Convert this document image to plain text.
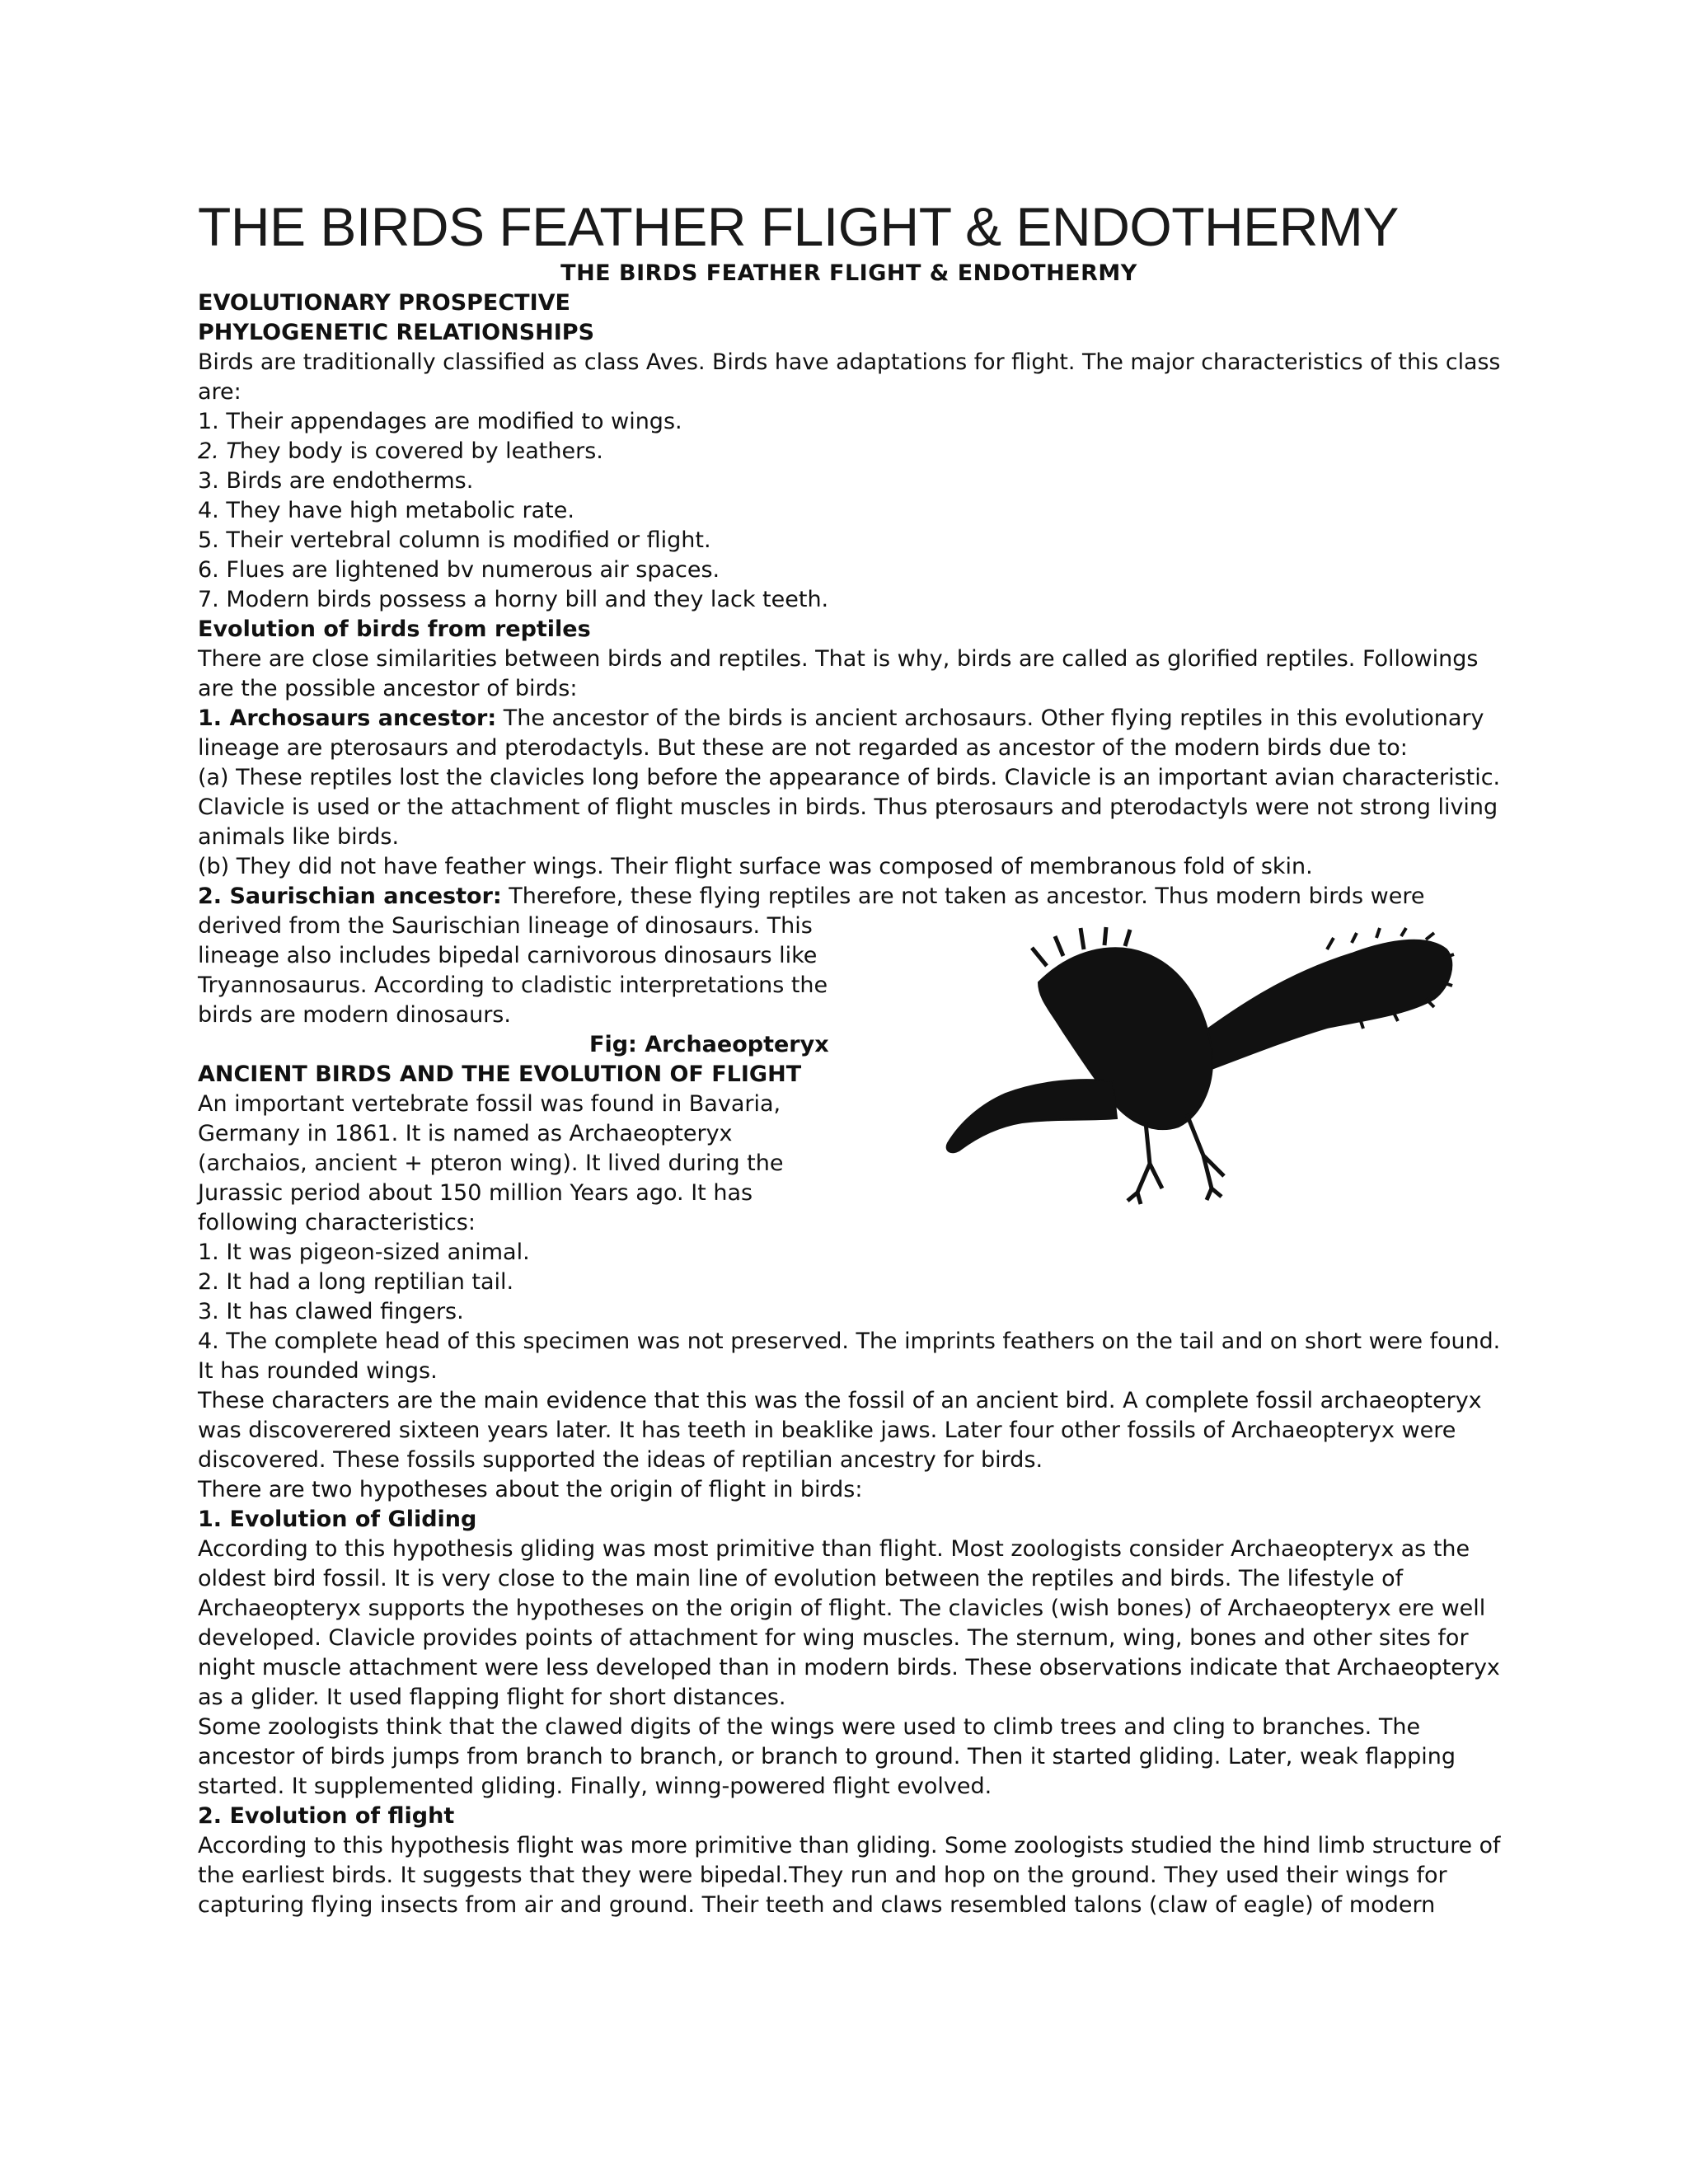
THE BIRDS FEATHER FLIGHT & ENDOTHERMY
THE BIRDS FEATHER FLIGHT & ENDOTHERMY
EVOLUTIONARY PROSPECTIVE
PHYLOGENETIC RELATIONSHIPS
Birds are traditionally classified as class Aves. Birds have adaptations for flight. The major characteristics of this class
are:
1. Their appendages are modified to wings.
2. They body is covered by leathers.
3. Birds are endotherms.
4. They have high metabolic rate.
5. Their vertebral column is modified or flight.
6. Flues are lightened bv numerous air spaces.
7. Modern birds possess a horny bill and they lack teeth.
Evolution of birds from reptiles
There are close similarities between birds and reptiles. That is why, birds are called as glorified reptiles. Followings
are the possible ancestor of birds:
1. Archosaurs ancestor: The ancestor of the birds is ancient archosaurs. Other flying reptiles in this evolutionary
lineage are pterosaurs and pterodactyls. But these are not regarded as ancestor of the modern birds due to:
(a) These reptiles lost the clavicles long before the appearance of birds. Clavicle is an important avian characteristic.
Clavicle is used or the attachment of flight muscles in birds. Thus pterosaurs and pterodactyls were not strong living
animals like birds.
(b) They did not have feather wings. Their flight surface was composed of membranous fold of skin.
2. Saurischian ancestor: Therefore, these flying reptiles are not taken as ancestor. Thus modern birds were
derived from the Saurischian lineage of dinosaurs. This
lineage also includes bipedal carnivorous dinosaurs like
Tryannosaurus. According to cladistic interpretations the
birds are modern dinosaurs.
Fig: Archaeopteryx
ANCIENT BIRDS AND THE EVOLUTION OF FLIGHT
An important vertebrate fossil was found in Bavaria,
Germany in 1861. It is named as Archaeopteryx
(archaios, ancient + pteron wing). It lived during the
Jurassic period about 150 million Years ago. It has
following characteristics:
1. It was pigeon-sized animal.
2. It had a long reptilian tail.
3. It has clawed fingers.
4. The complete head of this specimen was not preserved. The imprints feathers on the tail and on short were found.
It has rounded wings.
These characters are the main evidence that this was the fossil of an ancient bird. A complete fossil archaeopteryx
was discoverered sixteen years later. It has teeth in beaklike jaws. Later four other fossils of Archaeopteryx were
discovered. These fossils supported the ideas of reptilian ancestry for birds.
There are two hypotheses about the origin of flight in birds:
1. Evolution of Gliding
According to this hypothesis gliding was most primitive than flight. Most zoologists consider Archaeopteryx as the
oldest bird fossil. It is very close to the main line of evolution between the reptiles and birds. The lifestyle of
Archaeopteryx supports the hypotheses on the origin of flight. The clavicles (wish bones) of Archaeopteryx ere well
developed. Clavicle provides points of attachment for wing muscles. The sternum, wing, bones and other sites for
night muscle attachment were less developed than in modern birds. These observations indicate that Archaeopteryx
as a glider. It used flapping flight for short distances.
Some zoologists think that the clawed digits of the wings were used to climb trees and cling to branches. The
ancestor of birds jumps from branch to branch, or branch to ground. Then it started gliding. Later, weak flapping
started. It supplemented gliding. Finally, winng-powered flight evolved.
2. Evolution of flight
According to this hypothesis flight was more primitive than gliding. Some zoologists studied the hind limb structure of
the earliest birds. It suggests that they were bipedal.They run and hop on the ground. They used their wings for
capturing flying insects from air and ground. Their teeth and claws resembled talons (claw of eagle) of modern
